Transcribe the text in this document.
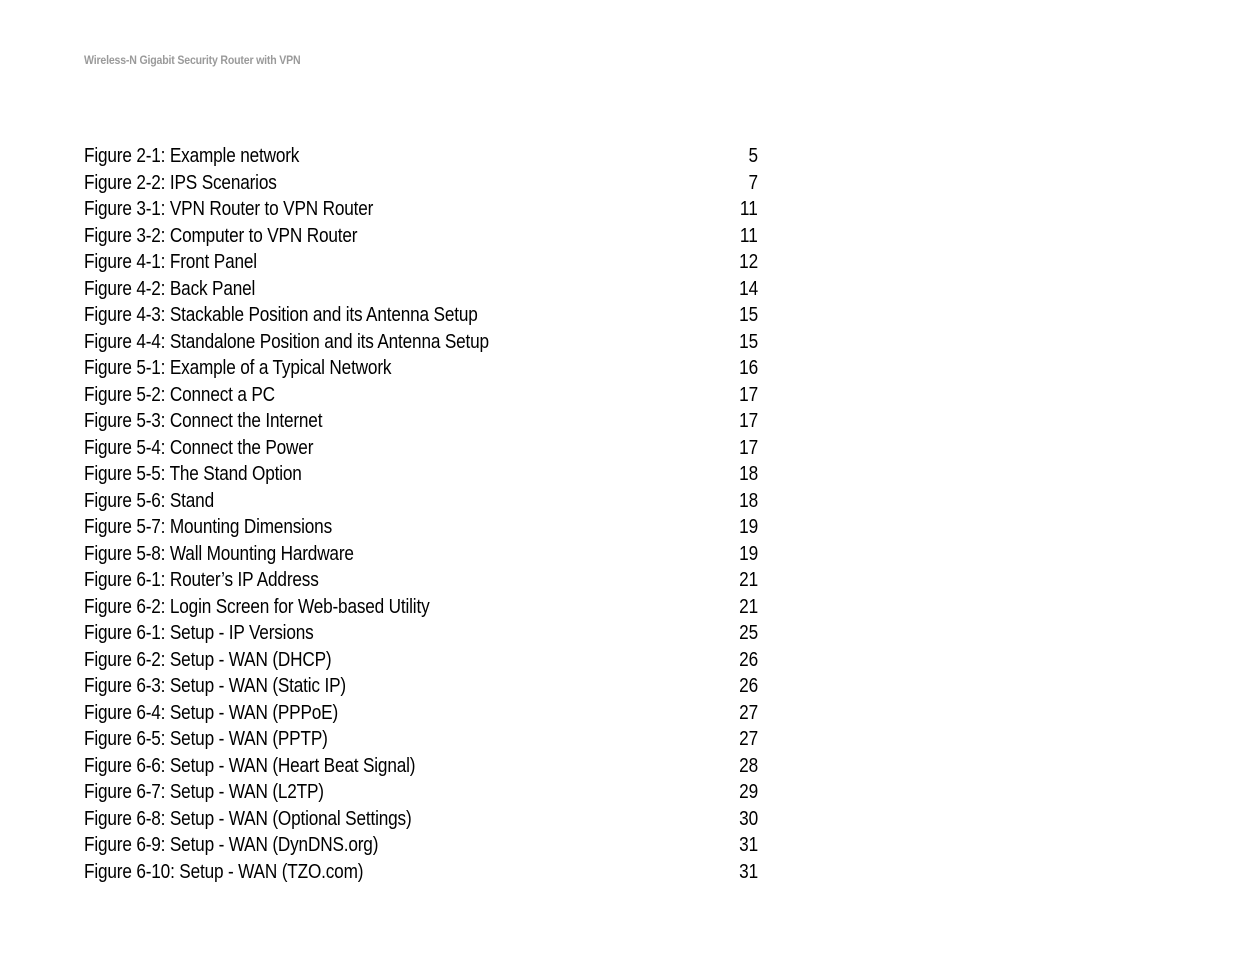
Wireless-N Gigabit Security Router with VPN
Figure 2-1: Example network	5
Figure 2-2: IPS Scenarios	7
Figure 3-1: VPN Router to VPN Router	11
Figure 3-2: Computer to VPN Router	11
Figure 4-1: Front Panel	12
Figure 4-2: Back Panel	14
Figure 4-3: Stackable Position and its Antenna Setup	15
Figure 4-4: Standalone Position and its Antenna Setup	15
Figure 5-1: Example of a Typical Network	16
Figure 5-2: Connect a PC	17
Figure 5-3: Connect the Internet	17
Figure 5-4: Connect the Power	17
Figure 5-5: The Stand Option	18
Figure 5-6: Stand	18
Figure 5-7: Mounting Dimensions	19
Figure 5-8: Wall Mounting Hardware	19
Figure 6-1: Router’s IP Address	21
Figure 6-2: Login Screen for Web-based Utility	21
Figure 6-1: Setup - IP Versions	25
Figure 6-2: Setup - WAN (DHCP)	26
Figure 6-3: Setup - WAN (Static IP)	26
Figure 6-4: Setup - WAN (PPPoE)	27
Figure 6-5: Setup - WAN (PPTP)	27
Figure 6-6: Setup - WAN (Heart Beat Signal)	28
Figure 6-7: Setup - WAN (L2TP)	29
Figure 6-8: Setup - WAN (Optional Settings)	30
Figure 6-9: Setup - WAN (DynDNS.org)	31
Figure 6-10: Setup - WAN (TZO.com)	31
